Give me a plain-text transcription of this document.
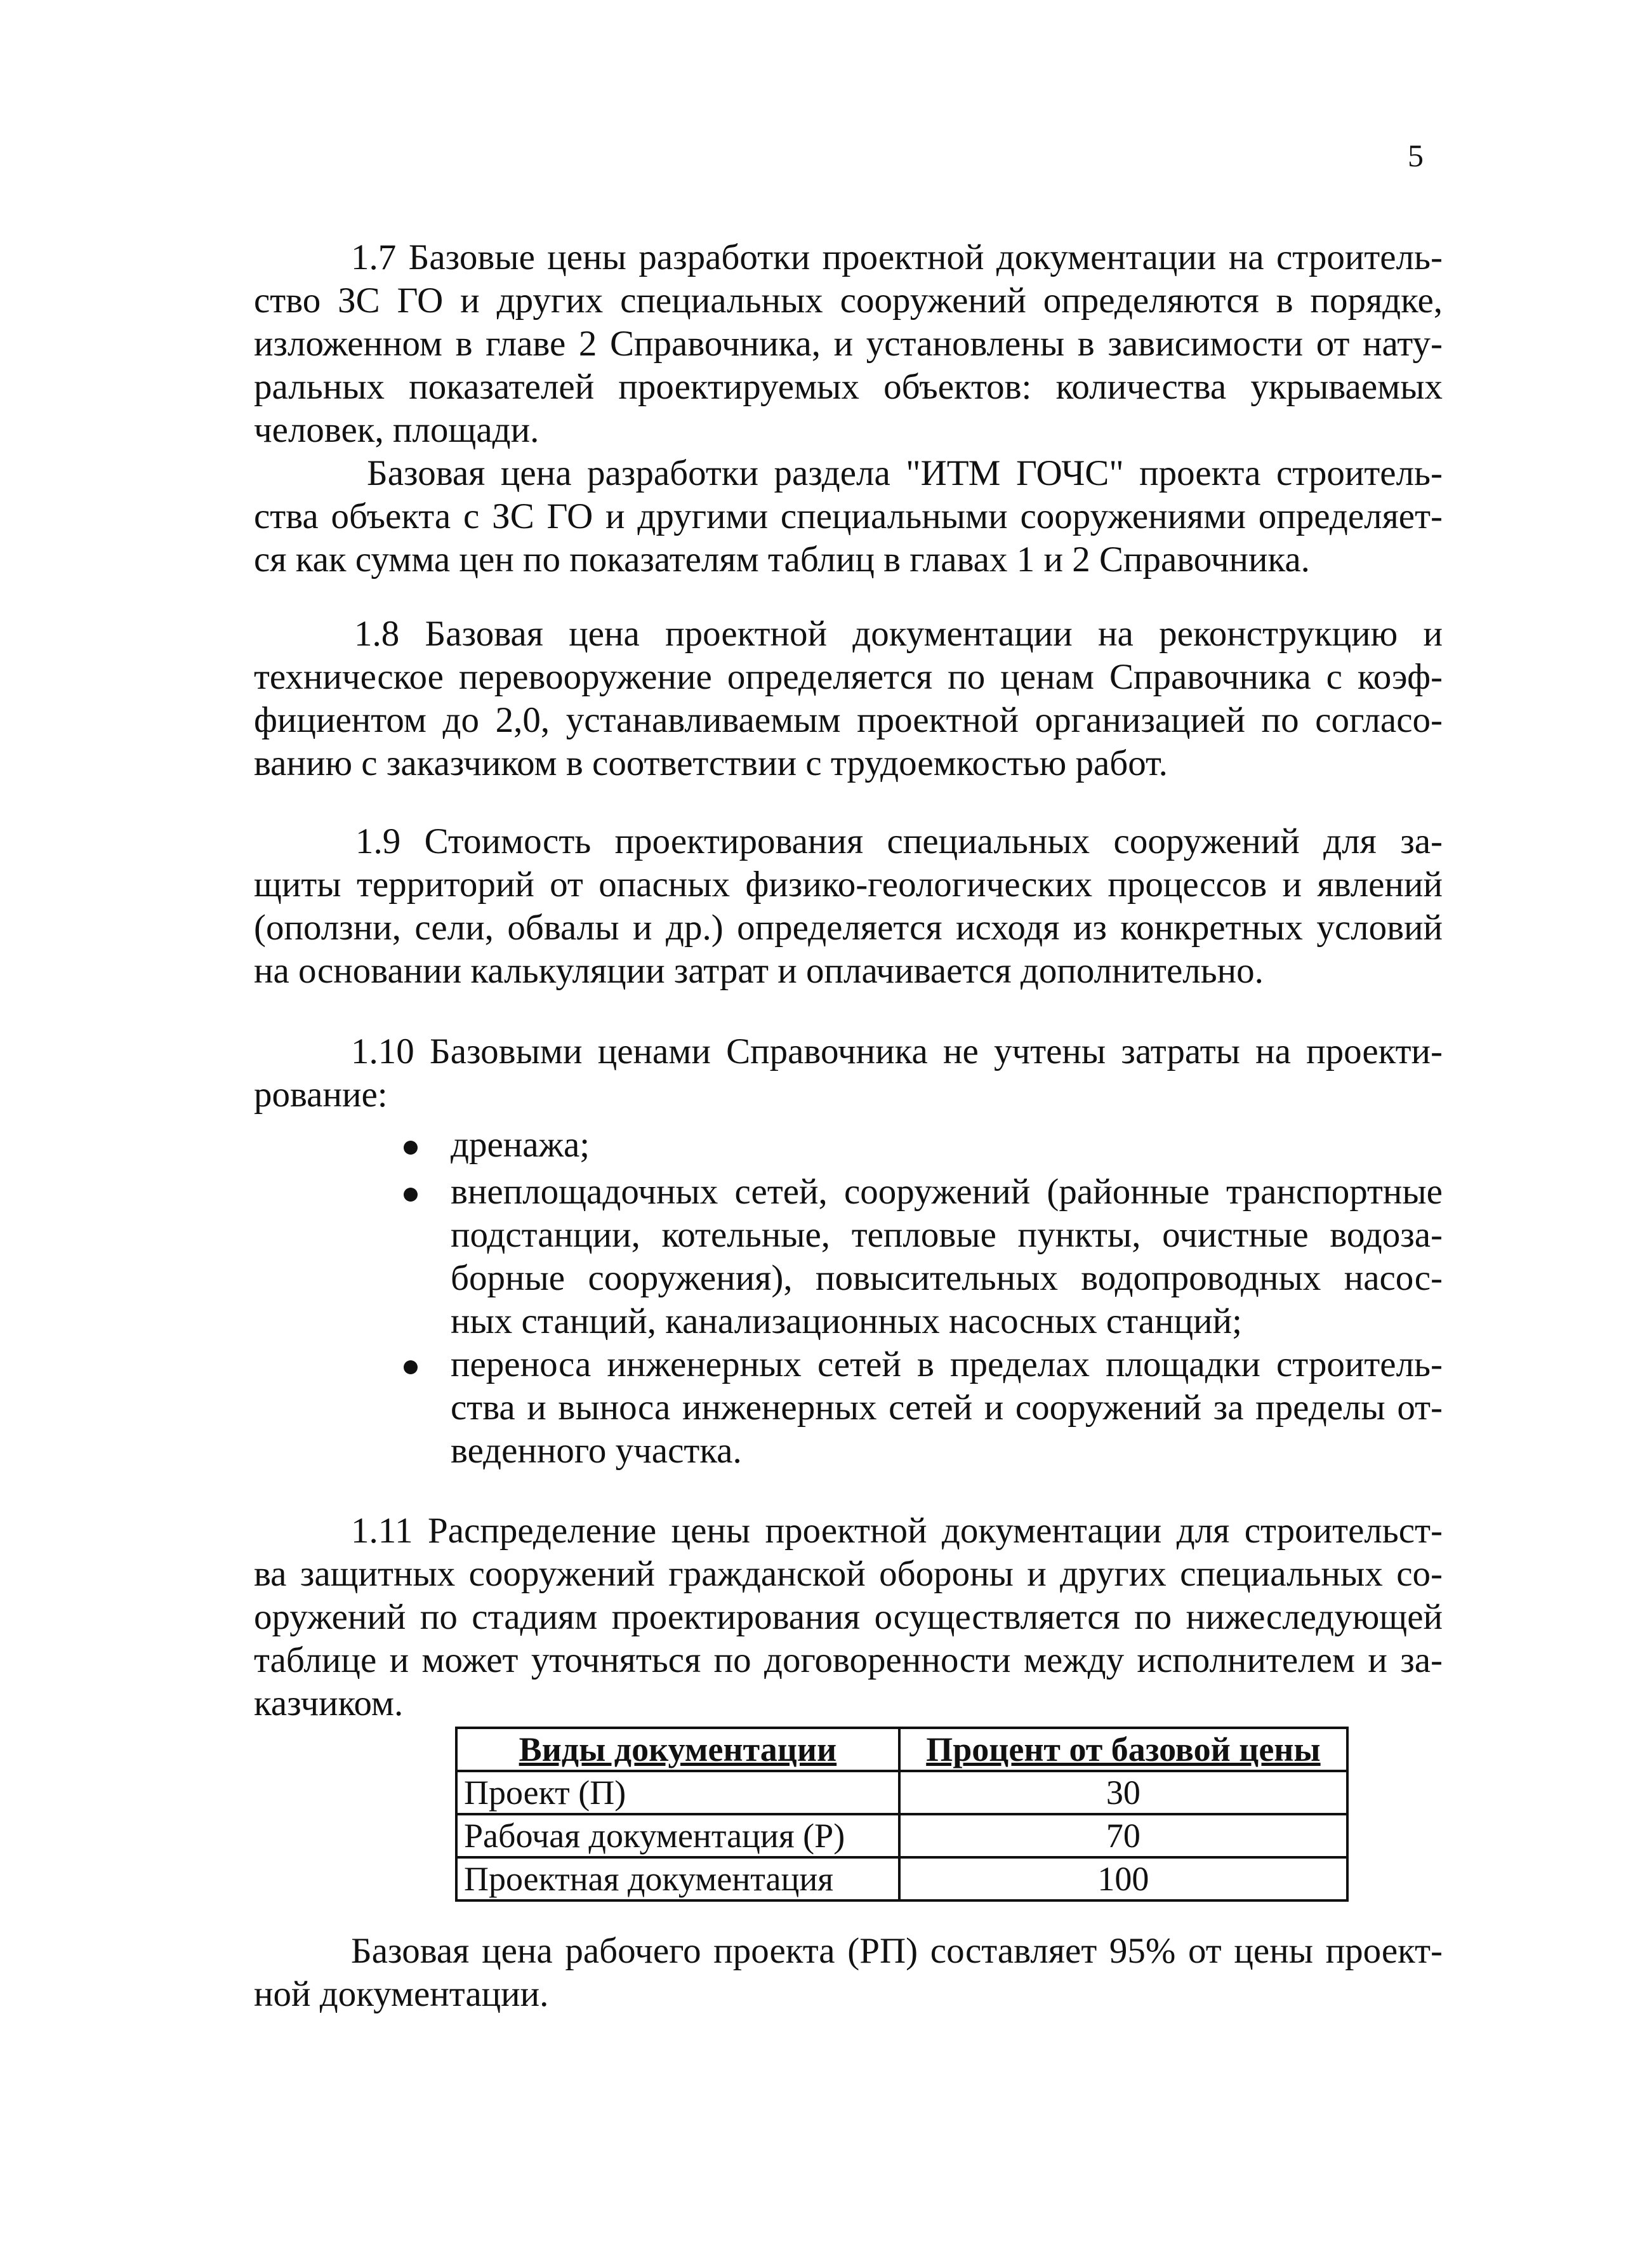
5

1.7 Базовые цены разработки проектной документации на строитель-

ство ЗС ГО и других специальных сооружений определяются в порядке,

изложенном в главе 2 Справочника, и установлены в зависимости от нату-

ральных показателей проектируемых объектов: количества укрываемых

человек, площади.

Базовая цена разработки раздела "ИТМ ГОЧС" проекта строитель-

ства объекта с ЗС ГО и другими специальными сооружениями определяет-

ся как сумма цен по показателям таблиц в главах 1 и 2 Справочника.

1.8 Базовая цена проектной документации на реконструкцию и

техническое перевооружение определяется по ценам Справочника с коэф-

фициентом до 2,0, устанавливаемым проектной организацией по согласо-

ванию с заказчиком в соответствии с трудоемкостью работ.

1.9 Стоимость проектирования специальных сооружений для за-

щиты территорий от опасных физико-геологических процессов и явлений

(оползни, сели, обвалы и др.) определяется исходя из конкретных условий

на основании калькуляции затрат и оплачивается дополнительно.

1.10 Базовыми ценами Справочника не учтены затраты на проекти-

рование:

дренажа;

внеплощадочных сетей, сооружений (районные транспортные

подстанции, котельные, тепловые пункты, очистные водоза-

борные сооружения), повысительных водопроводных насос-

ных станций, канализационных насосных станций;

переноса инженерных сетей в пределах площадки строитель-

ства и выноса инженерных сетей и сооружений за пределы от-

веденного участка.

1.11 Распределение цены проектной документации для строительст-

ва защитных сооружений гражданской обороны и других специальных со-

оружений по стадиям проектирования осуществляется по нижеследующей

таблице и может уточняться по договоренности между исполнителем и за-

казчиком.

Виды документации	Процент от базовой цены
Проект (П)	30
Рабочая документация (Р)	70
Проектная документация	100

Базовая цена рабочего проекта (РП) составляет 95% от цены проект-

ной документации.
